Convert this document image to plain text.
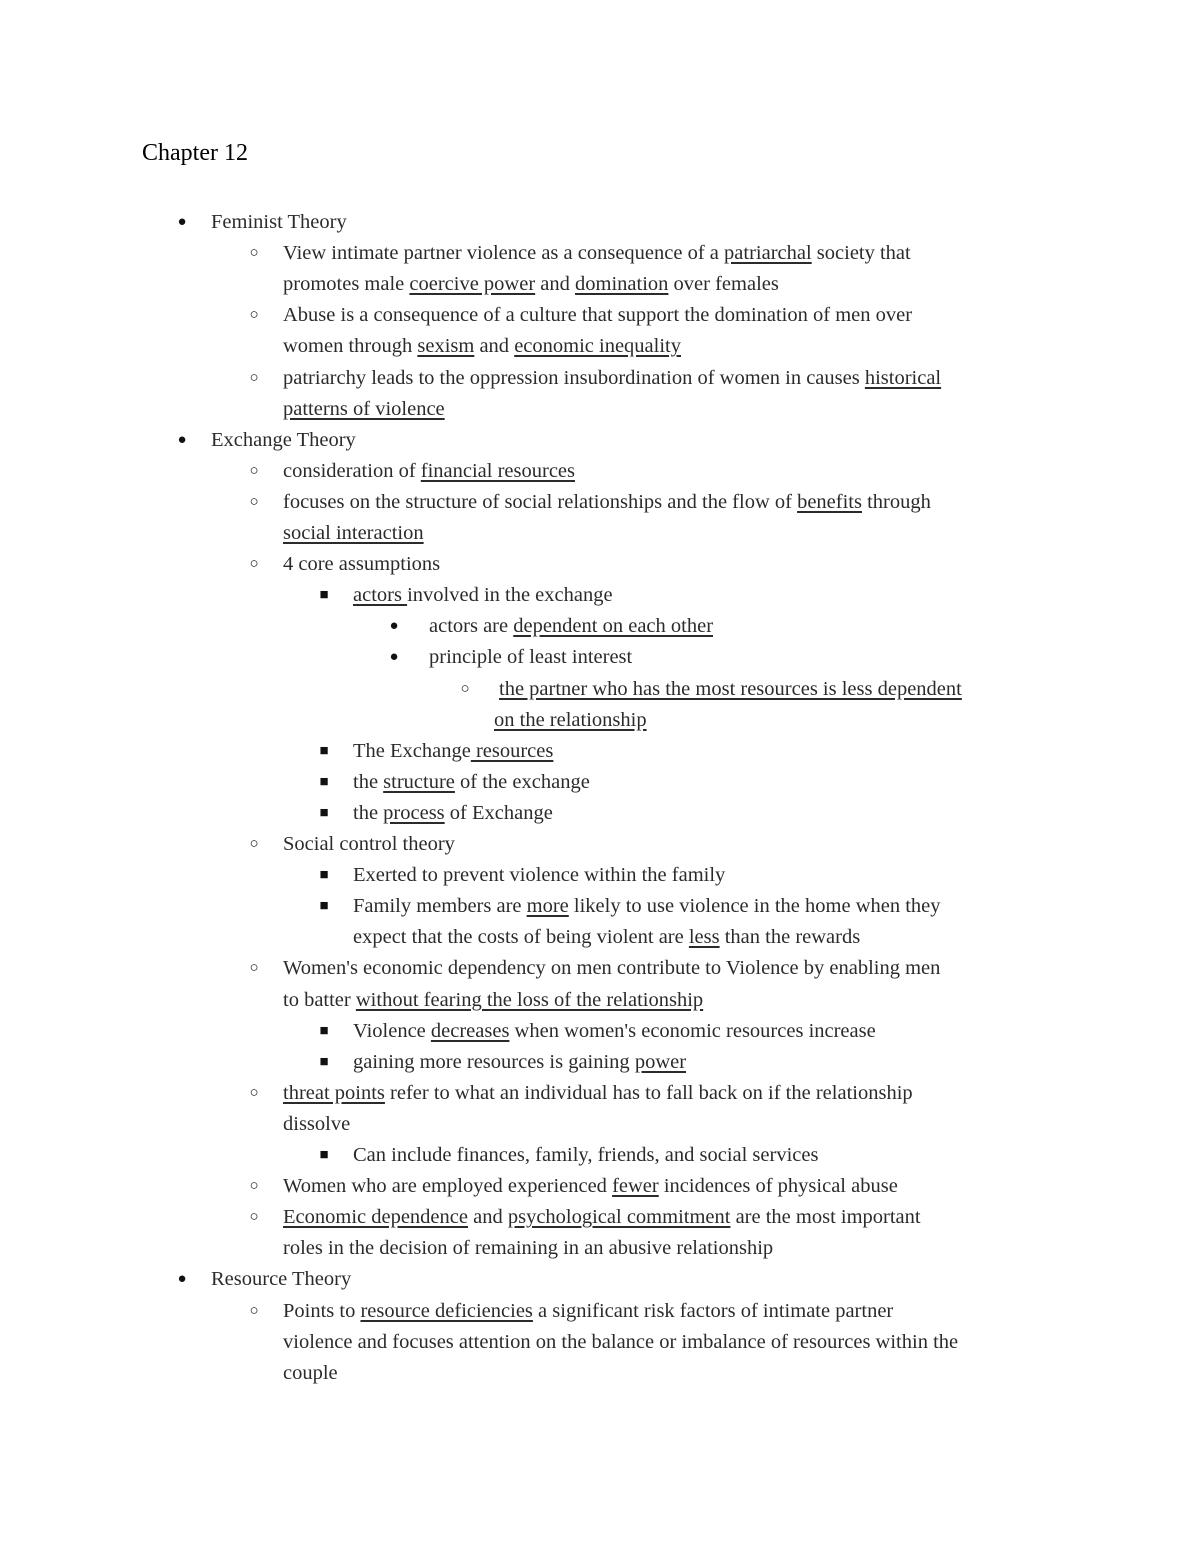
Chapter 12
● Feminist Theory
○ View intimate partner violence as a consequence of a patriarchal society that
promotes male coercive power and domination over females
○ Abuse is a consequence of a culture that support the domination of men over
women through sexism and economic inequality
○ patriarchy leads to the oppression insubordination of women in causes historical
patterns of violence
● Exchange Theory
○ consideration of financial resources
○ focuses on the structure of social relationships and the flow of benefits through
social interaction
○ 4 core assumptions
■ actors involved in the exchange
● actors are dependent on each other
● principle of least interest
○ the partner who has the most resources is less dependent
on the relationship
■ The Exchange resources
■ the structure of the exchange
■ the process of Exchange
○ Social control theory
■ Exerted to prevent violence within the family
■ Family members are more likely to use violence in the home when they
expect that the costs of being violent are less than the rewards
○ Women's economic dependency on men contribute to Violence by enabling men
to batter without fearing the loss of the relationship
■ Violence decreases when women's economic resources increase
■ gaining more resources is gaining power
○ threat points refer to what an individual has to fall back on if the relationship
dissolve
■ Can include finances, family, friends, and social services
○ Women who are employed experienced fewer incidences of physical abuse
○ Economic dependence and psychological commitment are the most important
roles in the decision of remaining in an abusive relationship
● Resource Theory
○ Points to resource deficiencies a significant risk factors of intimate partner
violence and focuses attention on the balance or imbalance of resources within the
couple
